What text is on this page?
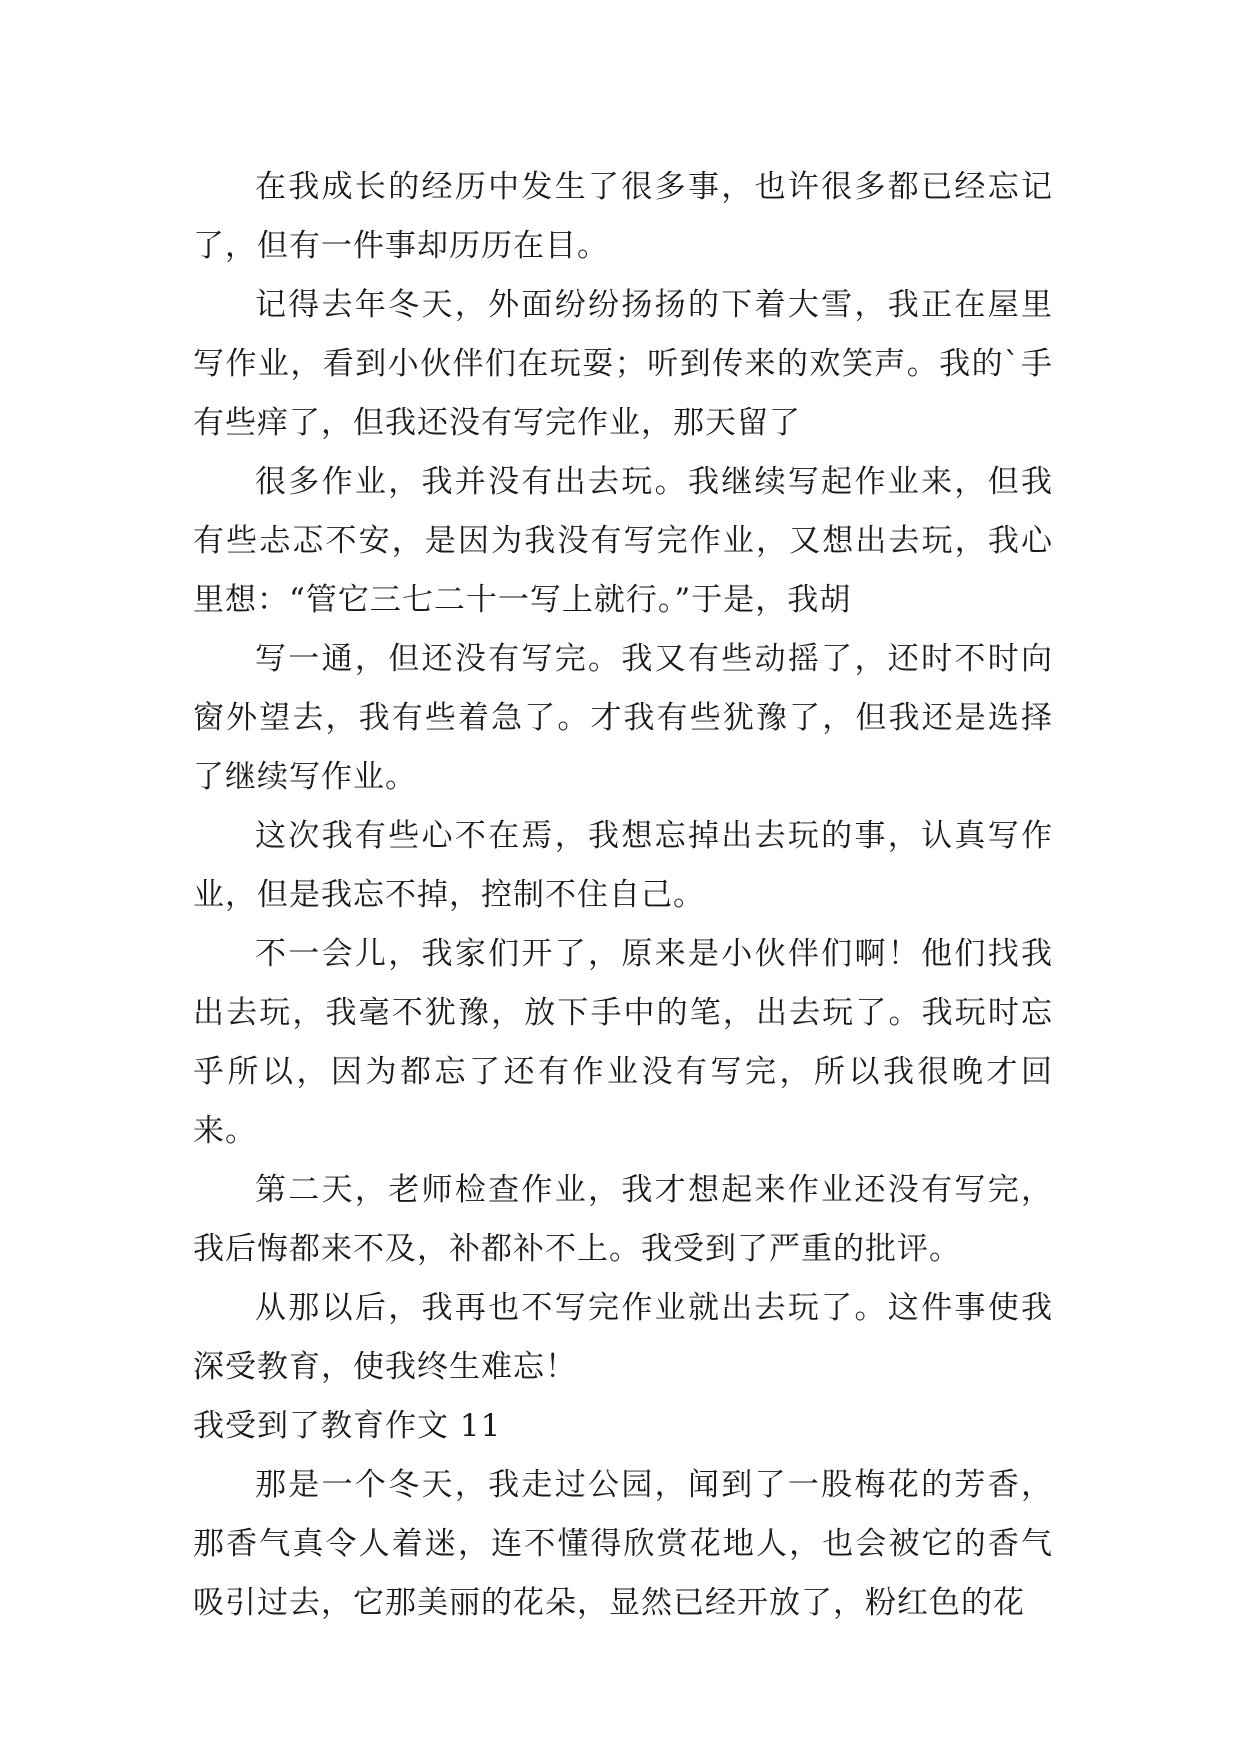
在我成长的经历中发生了很多事，也许很多都已经忘记了，但有一件事却历历在目。

记得去年冬天，外面纷纷扬扬的下着大雪，我正在屋里写作业，看到小伙伴们在玩耍；听到传来的欢笑声。我的`手有些痒了，但我还没有写完作业，那天留了

很多作业，我并没有出去玩。我继续写起作业来，但我有些忐忑不安，是因为我没有写完作业，又想出去玩，我心里想：“管它三七二十一写上就行。”于是，我胡

写一通，但还没有写完。我又有些动摇了，还时不时向窗外望去，我有些着急了。才我有些犹豫了，但我还是选择了继续写作业。

这次我有些心不在焉，我想忘掉出去玩的事，认真写作业，但是我忘不掉，控制不住自己。

不一会儿，我家们开了，原来是小伙伴们啊！他们找我出去玩，我毫不犹豫，放下手中的笔，出去玩了。我玩时忘乎所以，因为都忘了还有作业没有写完，所以我很晚才回来。

第二天，老师检查作业，我才想起来作业还没有写完，我后悔都来不及，补都补不上。我受到了严重的批评。

从那以后，我再也不写完作业就出去玩了。这件事使我深受教育，使我终生难忘！

我受到了教育作文 11

那是一个冬天，我走过公园，闻到了一股梅花的芳香，那香气真令人着迷，连不懂得欣赏花地人，也会被它的香气吸引过去，它那美丽的花朵，显然已经开放了，粉红色的花
